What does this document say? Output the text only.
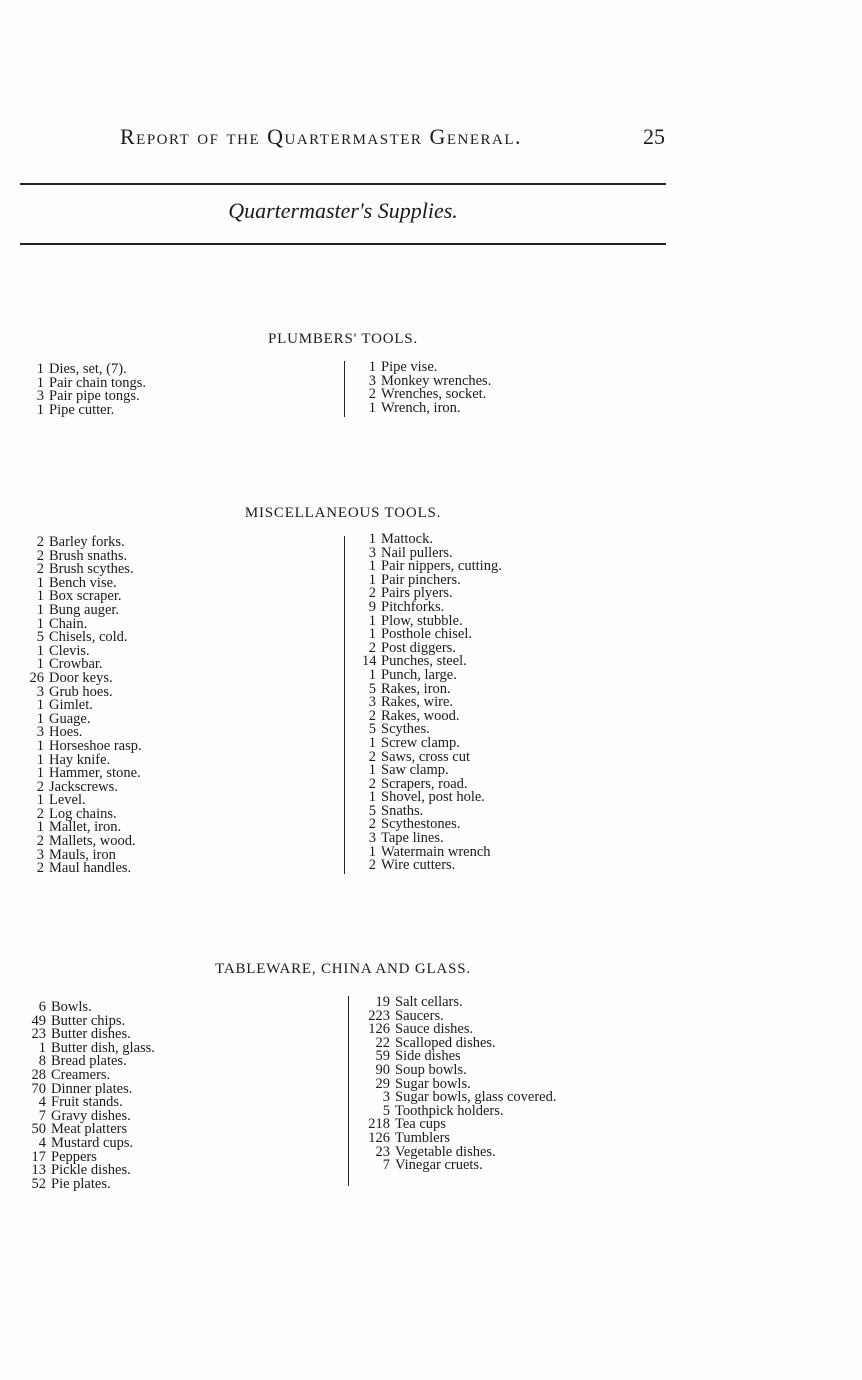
Report of the Quartermaster General.	25
Quartermaster's Supplies.
PLUMBERS' TOOLS.
1 Dies, set, (7).
1 Pair chain tongs.
3 Pair pipe tongs.
1 Pipe cutter.
1 Pipe vise.
3 Monkey wrenches.
2 Wrenches, socket.
1 Wrench, iron.
MISCELLANEOUS TOOLS.
2 Barley forks.
2 Brush snaths.
2 Brush scythes.
1 Bench vise.
1 Box scraper.
1 Bung auger.
1 Chain.
5 Chisels, cold.
1 Clevis.
1 Crowbar.
26 Door keys.
3 Grub hoes.
1 Gimlet.
1 Guage.
3 Hoes.
1 Horseshoe rasp.
1 Hay knife.
1 Hammer, stone.
2 Jackscrews.
1 Level.
2 Log chains.
1 Mallet, iron.
2 Mallets, wood.
3 Mauls, iron
2 Maul handles.
1 Mattock.
3 Nail pullers.
1 Pair nippers, cutting.
1 Pair pinchers.
2 Pairs plyers.
9 Pitchforks.
1 Plow, stubble.
1 Posthole chisel.
2 Post diggers.
14 Punches, steel.
1 Punch, large.
5 Rakes, iron.
3 Rakes, wire.
2 Rakes, wood.
5 Scythes.
1 Screw clamp.
2 Saws, cross cut
1 Saw clamp.
2 Scrapers, road.
1 Shovel, post hole.
5 Snaths.
2 Scythestones.
3 Tape lines.
1 Watermain wrench
2 Wire cutters.
TABLEWARE, CHINA AND GLASS.
6 Bowls.
49 Butter chips.
23 Butter dishes.
1 Butter dish, glass.
8 Bread plates.
28 Creamers.
70 Dinner plates.
4 Fruit stands.
7 Gravy dishes.
50 Meat platters
4 Mustard cups.
17 Peppers
13 Pickle dishes.
52 Pie plates.
19 Salt cellars.
223 Saucers.
126 Sauce dishes.
22 Scalloped dishes.
59 Side dishes
90 Soup bowls.
29 Sugar bowls.
3 Sugar bowls, glass covered.
5 Toothpick holders.
218 Tea cups
126 Tumblers
23 Vegetable dishes.
7 Vinegar cruets.
